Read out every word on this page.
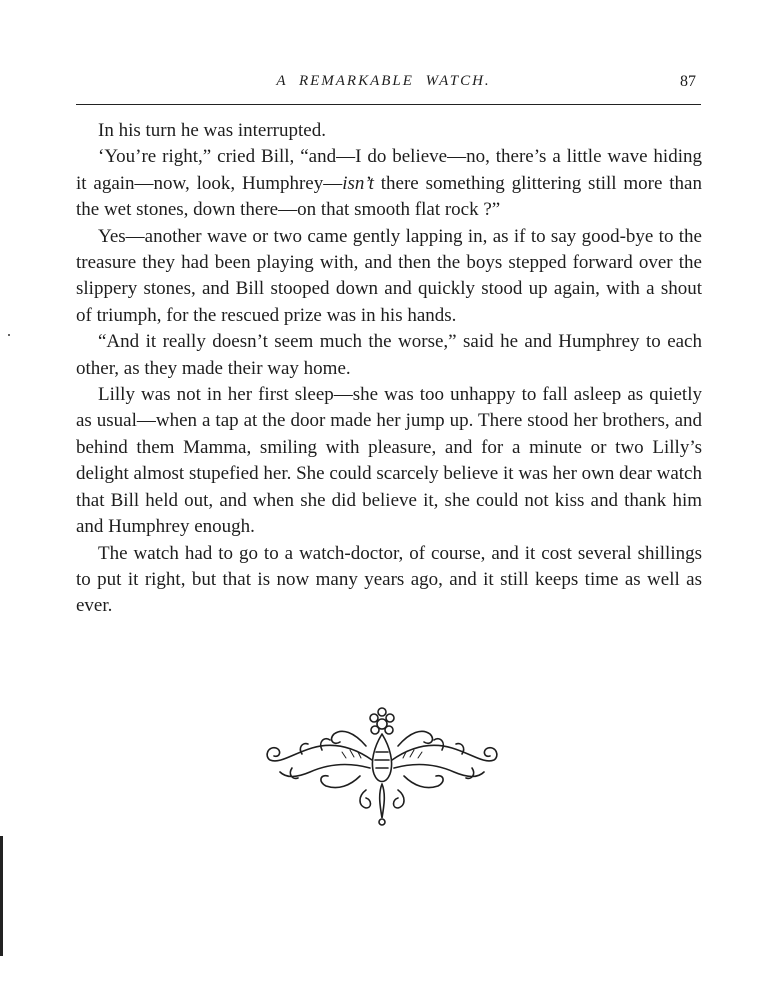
A REMARKABLE WATCH.	87

In his turn he was interrupted.

‘You’re right,” cried Bill, “and—I do believe—no, there’s a little wave hiding it again—now, look, Humphrey—isn’t there something glittering still more than the wet stones, down there—on that smooth flat rock ?”

Yes—another wave or two came gently lapping in, as if to say good-bye to the treasure they had been playing with, and then the boys stepped forward over the slippery stones, and Bill stooped down and quickly stood up again, with a shout of triumph, for the rescued prize was in his hands.

“And it really doesn’t seem much the worse,” said he and Humphrey to each other, as they made their way home.

Lilly was not in her first sleep—she was too unhappy to fall asleep as quietly as usual—when a tap at the door made her jump up. There stood her brothers, and behind them Mamma, smiling with pleasure, and for a minute or two Lilly’s delight almost stupefied her. She could scarcely believe it was her own dear watch that Bill held out, and when she did believe it, she could not kiss and thank him and Humphrey enough.

The watch had to go to a watch-doctor, of course, and it cost several shillings to put it right, but that is now many years ago, and it still keeps time as well as ever.
